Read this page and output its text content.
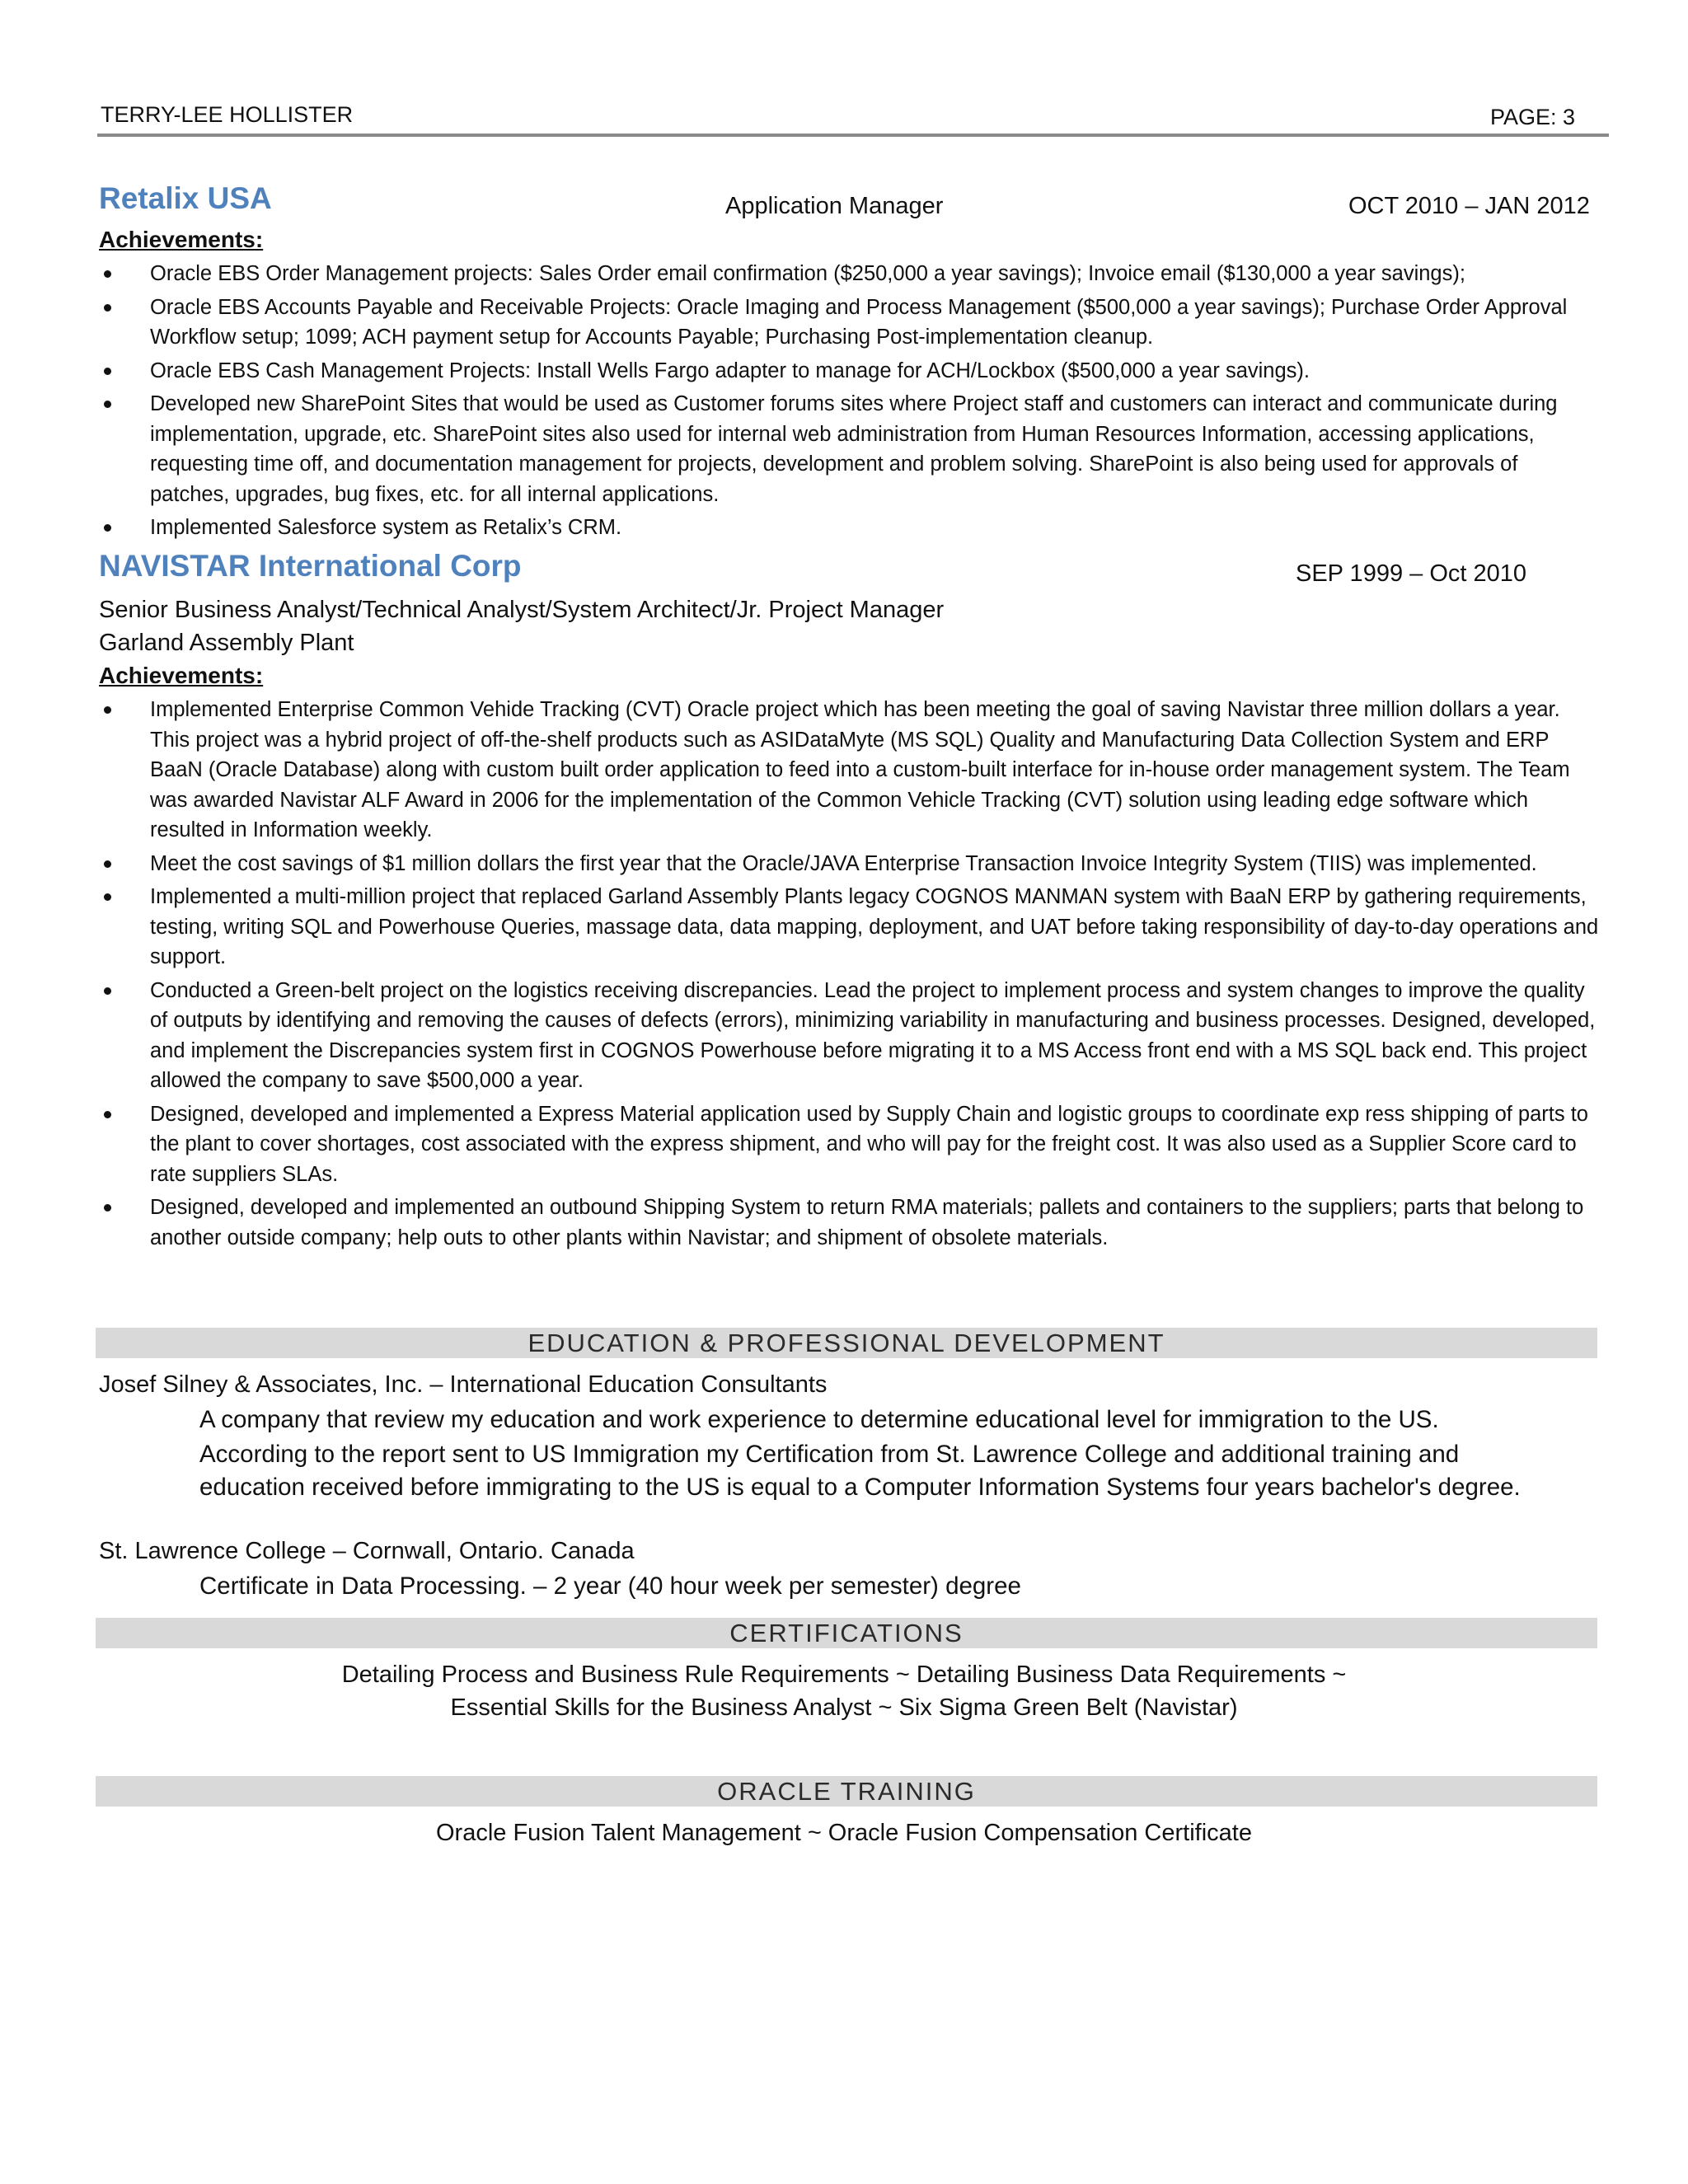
TERRY-LEE HOLLISTER	PAGE: 3
Retalix USA	Application Manager	OCT 2010 – JAN 2012
Achievements:
Oracle EBS Order Management projects: Sales Order email confirmation ($250,000 a year savings); Invoice email ($130,000 a year savings);
Oracle EBS Accounts Payable and Receivable Projects: Oracle Imaging and Process Management ($500,000 a year savings); Purchase Order Approval Workflow setup; 1099; ACH payment setup for Accounts Payable; Purchasing Post-implementation cleanup.
Oracle EBS Cash Management Projects: Install Wells Fargo adapter to manage for ACH/Lockbox ($500,000 a year savings).
Developed new SharePoint Sites that would be used as Customer forums sites where Project staff and customers can interact and communicate during implementation, upgrade, etc. SharePoint sites also used for internal web administration from Human Resources Information, accessing applications, requesting time off, and documentation management for projects, development and problem solving. SharePoint is also being used for approvals of patches, upgrades, bug fixes, etc. for all internal applications.
Implemented Salesforce system as Retalix’s CRM.
NAVISTAR International Corp	SEP 1999 – Oct 2010
Senior Business Analyst/Technical Analyst/System Architect/Jr. Project Manager
Garland Assembly Plant
Achievements:
Implemented Enterprise Common Vehide Tracking (CVT) Oracle project which has been meeting the goal of saving Navistar three million dollars a year. This project was a hybrid project of off-the-shelf products such as ASIDataMyte (MS SQL) Quality and Manufacturing Data Collection System and ERP BaaN (Oracle Database) along with custom built order application to feed into a custom-built interface for in-house order management system. The Team was awarded Navistar ALF Award in 2006 for the implementation of the Common Vehicle Tracking (CVT) solution using leading edge software which resulted in Information weekly.
Meet the cost savings of $1 million dollars the first year that the Oracle/JAVA Enterprise Transaction Invoice Integrity System (TIIS) was implemented.
Implemented a multi-million project that replaced Garland Assembly Plants legacy COGNOS MANMAN system with BaaN ERP by gathering requirements, testing, writing SQL and Powerhouse Queries, massage data, data mapping, deployment, and UAT before taking responsibility of day-to-day operations and support.
Conducted a Green-belt project on the logistics receiving discrepancies. Lead the project to implement process and system changes to improve the quality of outputs by identifying and removing the causes of defects (errors), minimizing variability in manufacturing and business processes. Designed, developed, and implement the Discrepancies system first in COGNOS Powerhouse before migrating it to a MS Access front end with a MS SQL back end. This project allowed the company to save $500,000 a year.
Designed, developed and implemented a Express Material application used by Supply Chain and logistic groups to coordinate exp ress shipping of parts to the plant to cover shortages, cost associated with the express shipment, and who will pay for the freight cost. It was also used as a Supplier Score card to rate suppliers SLAs.
Designed, developed and implemented an outbound Shipping System to return RMA materials; pallets and containers to the suppliers; parts that belong to another outside company; help outs to other plants within Navistar; and shipment of obsolete materials.
EDUCATION & PROFESSIONAL DEVELOPMENT
Josef Silney & Associates, Inc. – International Education Consultants
A company that review my education and work experience to determine educational level for immigration to the US.
According to the report sent to US Immigration my Certification from St. Lawrence College and additional training and
education received before immigrating to the US is equal to a Computer Information Systems four years bachelor's degree.
St. Lawrence College – Cornwall, Ontario. Canada
Certificate in Data Processing. – 2 year (40 hour week per semester) degree
CERTIFICATIONS
Detailing Process and Business Rule Requirements ~ Detailing Business Data Requirements ~
Essential Skills for the Business Analyst ~ Six Sigma Green Belt (Navistar)
ORACLE TRAINING
Oracle Fusion Talent Management ~ Oracle Fusion Compensation Certificate
